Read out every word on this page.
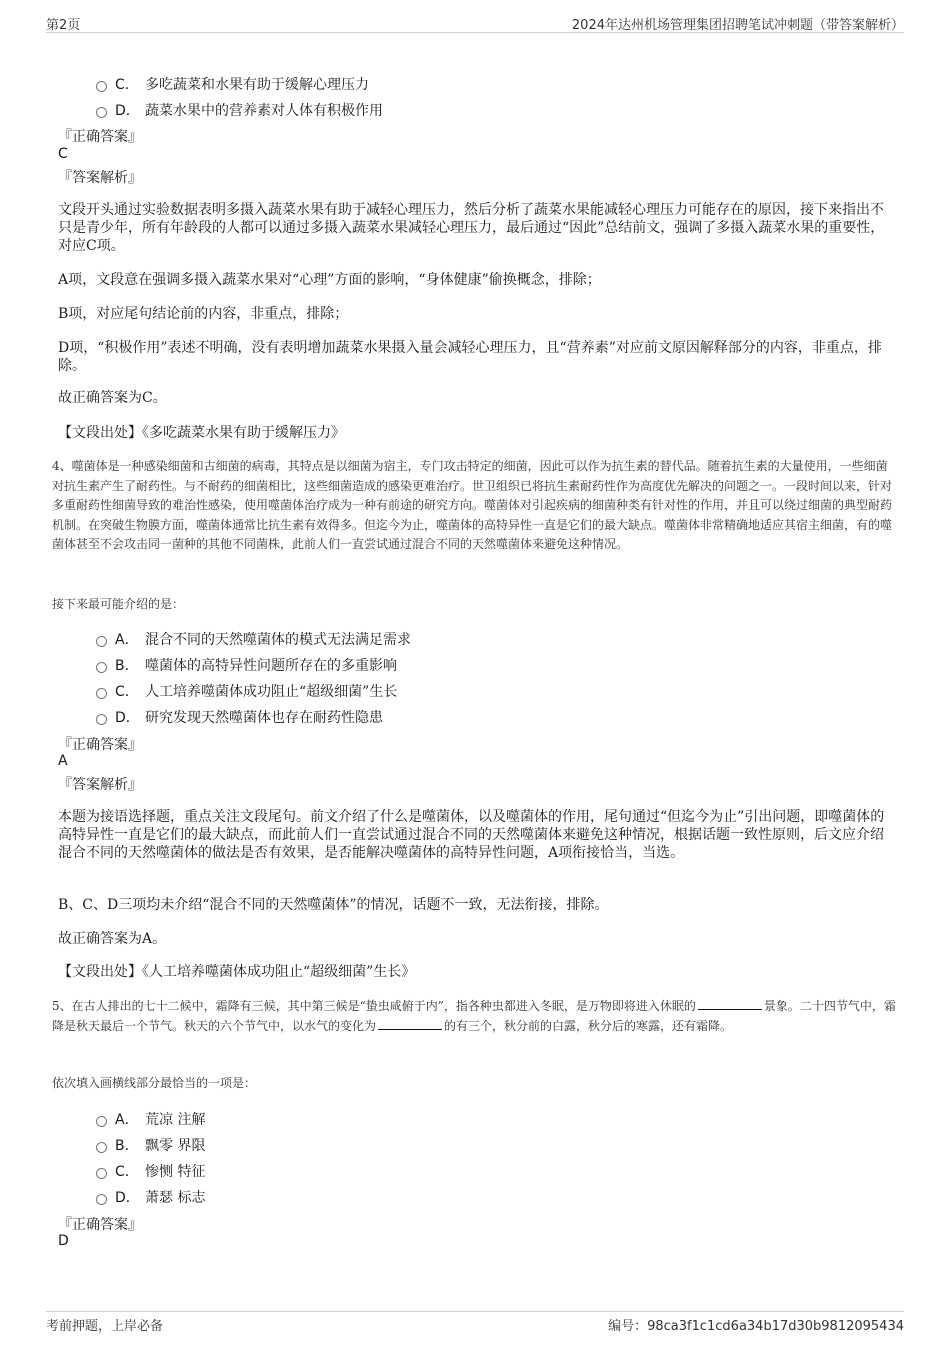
第2页	2024年达州机场管理集团招聘笔试冲刺题（带答案解析）
C． 多吃蔬菜和水果有助于缓解心理压力
D． 蔬菜水果中的营养素对人体有积极作用
『正确答案』
C
『答案解析』
文段开头通过实验数据表明多摄入蔬菜水果有助于减轻心理压力，然后分析了蔬菜水果能减轻心理压力可能存在的原因，接下来指出不只是青少年，所有年龄段的人都可以通过多摄入蔬菜水果减轻心理压力，最后通过“因此”总结前文，强调了多摄入蔬菜水果的重要性，对应C项。
A项，文段意在强调多摄入蔬菜水果对“心理”方面的影响，“身体健康”偷换概念，排除；
B项，对应尾句结论前的内容，非重点，排除；
D项，“积极作用”表述不明确，没有表明增加蔬菜水果摄入量会减轻心理压力，且“营养素”对应前文原因解释部分的内容，非重点，排除。
故正确答案为C。
【文段出处】《多吃蔬菜水果有助于缓解压力》
4、噬菌体是一种感染细菌和古细菌的病毒，其特点是以细菌为宿主，专门攻击特定的细菌，因此可以作为抗生素的替代品。随着抗生素的大量使用，一些细菌对抗生素产生了耐药性。与不耐药的细菌相比，这些细菌造成的感染更难治疗。世卫组织已将抗生素耐药性作为高度优先解决的问题之一。一段时间以来，针对多重耐药性细菌导致的难治性感染，使用噬菌体治疗成为一种有前途的研究方向。噬菌体对引起疾病的细菌种类有针对性的作用，并且可以绕过细菌的典型耐药机制。在突破生物膜方面，噬菌体通常比抗生素有效得多。但迄今为止，噬菌体的高特异性一直是它们的最大缺点。噬菌体非常精确地适应其宿主细菌，有的噬菌体甚至不会攻击同一菌种的其他不同菌株，此前人们一直尝试通过混合不同的天然噬菌体来避免这种情况。
接下来最可能介绍的是：
A． 混合不同的天然噬菌体的模式无法满足需求
B． 噬菌体的高特异性问题所存在的多重影响
C． 人工培养噬菌体成功阻止“超级细菌”生长
D． 研究发现天然噬菌体也存在耐药性隐患
『正确答案』
A
『答案解析』
本题为接语选择题，重点关注文段尾句。前文介绍了什么是噬菌体，以及噬菌体的作用，尾句通过“但迄今为止”引出问题，即噬菌体的高特异性一直是它们的最大缺点，而此前人们一直尝试通过混合不同的天然噬菌体来避免这种情况，根据话题一致性原则，后文应介绍混合不同的天然噬菌体的做法是否有效果，是否能解决噬菌体的高特异性问题，A项衔接恰当，当选。
B、C、D三项均未介绍“混合不同的天然噬菌体”的情况，话题不一致，无法衔接，排除。
故正确答案为A。
【文段出处】《人工培养噬菌体成功阻止“超级细菌”生长》
5、在古人排出的七十二候中，霜降有三候，其中第三候是“蛰虫咸俯于内”，指各种虫都进入冬眠，是万物即将进入休眠的	景象。二十四节气中，霜降是秋天最后一个节气。秋天的六个节气中，以水气的变化为	的有三个，秋分前的白露，秋分后的寒露，还有霜降。
依次填入画横线部分最恰当的一项是：
A． 荒凉 注解
B． 飘零 界限
C． 惨恻 特征
D． 萧瑟 标志
『正确答案』
D
考前押题，上岸必备	编号：98ca3f1c1cd6a34b17d30b9812095434
